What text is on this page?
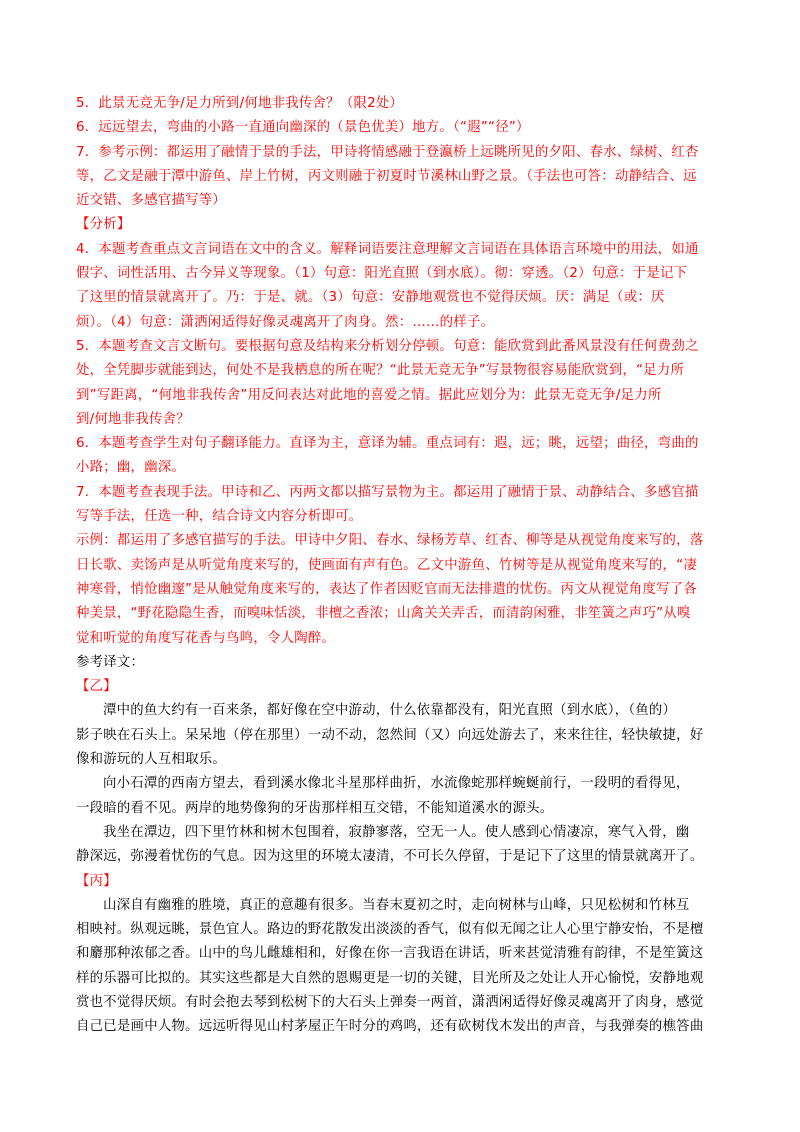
5．此景无竞无争/足力所到/何地非我传舍？（限2处）
6．远远望去，弯曲的小路一直通向幽深的（景色优美）地方。（“遐”“径”）
7．参考示例：都运用了融情于景的手法，甲诗将情感融于登瀛桥上远眺所见的夕阳、春水、绿树、红杏
等，乙文是融于潭中游鱼、岸上竹树，丙文则融于初夏时节溪林山野之景。（手法也可答：动静结合、远
近交错、多感官描写等）
【分析】
4．本题考查重点文言词语在文中的含义。解释词语要注意理解文言词语在具体语言环境中的用法，如通
假字、词性活用、古今异义等现象。（1）句意：阳光直照（到水底）。彻：穿透。（2）句意：于是记下
了这里的情景就离开了。乃：于是、就。（3）句意：安静地观赏也不觉得厌烦。厌：满足（或：厌
烦）。（4）句意：潇洒闲适得好像灵魂离开了肉身。然：……的样子。
5．本题考查文言文断句。要根据句意及结构来分析划分停顿。句意：能欣赏到此番风景没有任何费劲之
处，全凭脚步就能到达，何处不是我栖息的所在呢？“此景无竞无争”写景物很容易能欣赏到，“足力所
到”写距离，“何地非我传舍”用反问表达对此地的喜爱之情。据此应划分为：此景无竞无争/足力所
到/何地非我传舍？
6．本题考查学生对句子翻译能力。直译为主，意译为辅。重点词有：遐，远；眺，远望；曲径，弯曲的
小路；幽，幽深。
7．本题考查表现手法。甲诗和乙、丙两文都以描写景物为主。都运用了融情于景、动静结合、多感官描
写等手法，任选一种，结合诗文内容分析即可。
示例：都运用了多感官描写的手法。甲诗中夕阳、春水、绿杨芳草、红杏、柳等是从视觉角度来写的，落
日长歌、卖饧声是从听觉角度来写的，使画面有声有色。乙文中游鱼、竹树等是从视觉角度来写的，“凄
神寒骨，悄怆幽邃”是从触觉角度来写的，表达了作者因贬官而无法排遣的忧伤。丙文从视觉角度写了各
种美景，“野花隐隐生香，而嗅味恬淡，非檀之香浓；山禽关关弄舌，而清韵闲雅，非笙簧之声巧”从嗅
觉和听觉的角度写花香与鸟鸣，令人陶醉。
参考译文：
【乙】
潭中的鱼大约有一百来条，都好像在空中游动，什么依靠都没有，阳光直照（到水底），（鱼的）
影子映在石头上。呆呆地（停在那里）一动不动，忽然间（又）向远处游去了，来来往往，轻快敏捷，好
像和游玩的人互相取乐。
向小石潭的西南方望去，看到溪水像北斗星那样曲折，水流像蛇那样蜿蜒前行，一段明的看得见，
一段暗的看不见。两岸的地势像狗的牙齿那样相互交错，不能知道溪水的源头。
我坐在潭边，四下里竹林和树木包围着，寂静寥落，空无一人。使人感到心情凄凉，寒气入骨，幽
静深远，弥漫着忧伤的气息。因为这里的环境太凄清，不可长久停留，于是记下了这里的情景就离开了。
【丙】
山深自有幽雅的胜境，真正的意趣有很多。当春末夏初之时，走向树林与山峰，只见松树和竹林互
相映衬。纵观远眺，景色宜人。路边的野花散发出淡淡的香气，似有似无闻之让人心里宁静安怡，不是檀
和麝那种浓郁之香。山中的鸟儿雌雄相和，好像在你一言我语在讲话，听来甚觉清雅有韵律，不是笙簧这
样的乐器可比拟的。其实这些都是大自然的恩赐更是一切的关键，目光所及之处让人开心愉悦，安静地观
赏也不觉得厌烦。有时会抱去琴到松树下的大石头上弹奏一两首，潇洒闲适得好像灵魂离开了肉身，感觉
自己已是画中人物。远远听得见山村茅屋正午时分的鸡鸣，还有砍树伐木发出的声音，与我弹奏的樵答曲
